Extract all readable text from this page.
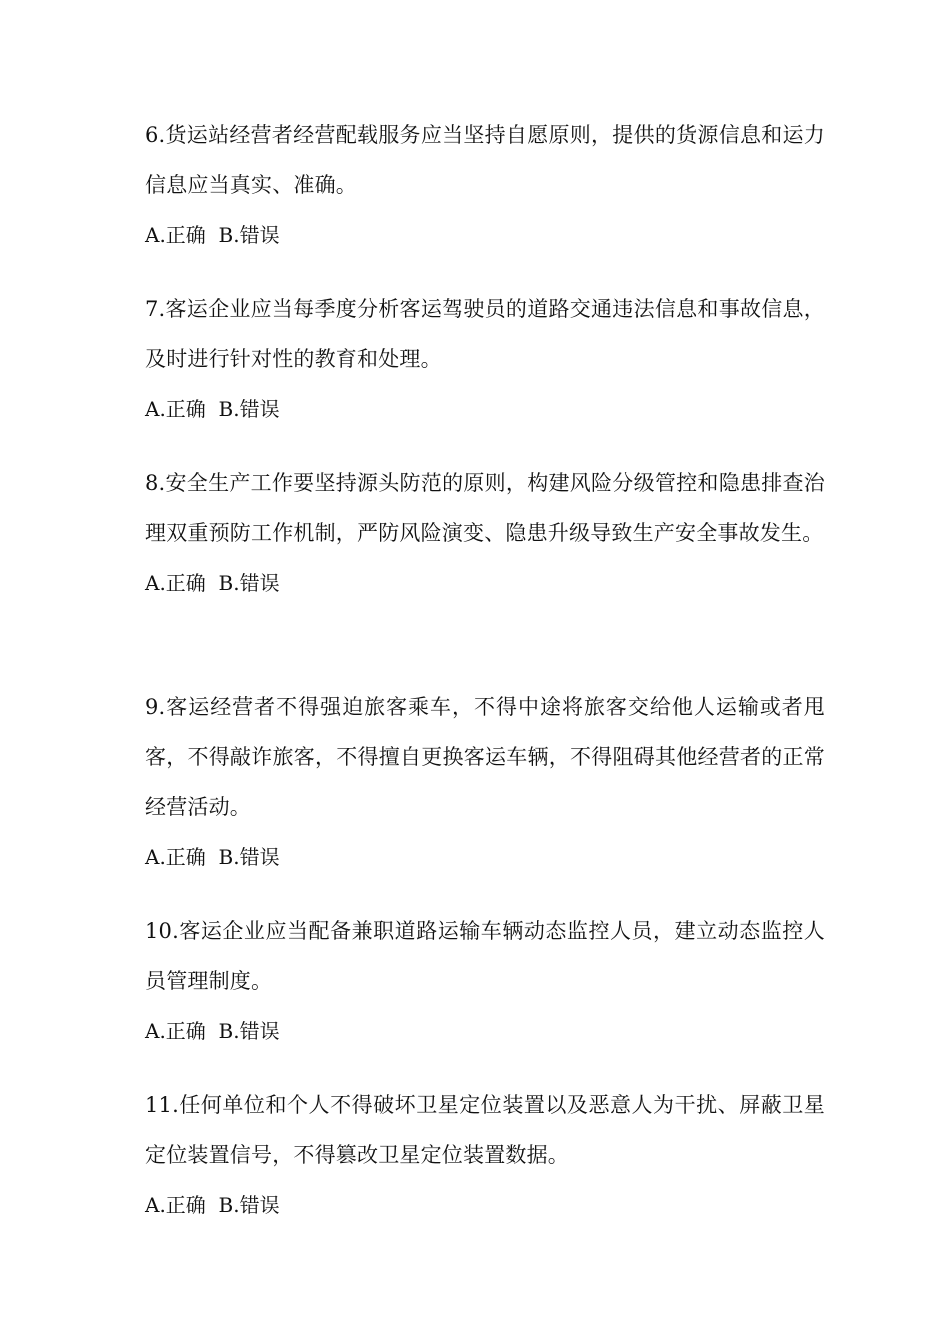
6.货运站经营者经营配载服务应当坚持自愿原则，提供的货源信息和运力信息应当真实、准确。

A.正确  B.错误

7.客运企业应当每季度分析客运驾驶员的道路交通违法信息和事故信息，及时进行针对性的教育和处理。

A.正确  B.错误

8.安全生产工作要坚持源头防范的原则，构建风险分级管控和隐患排查治理双重预防工作机制，严防风险演变、隐患升级导致生产安全事故发生。

A.正确  B.错误

9.客运经营者不得强迫旅客乘车，不得中途将旅客交给他人运输或者甩客，不得敲诈旅客，不得擅自更换客运车辆，不得阻碍其他经营者的正常经营活动。

A.正确  B.错误

10.客运企业应当配备兼职道路运输车辆动态监控人员，建立动态监控人员管理制度。

A.正确  B.错误

11.任何单位和个人不得破坏卫星定位装置以及恶意人为干扰、屏蔽卫星定位装置信号，不得篡改卫星定位装置数据。

A.正确  B.错误
